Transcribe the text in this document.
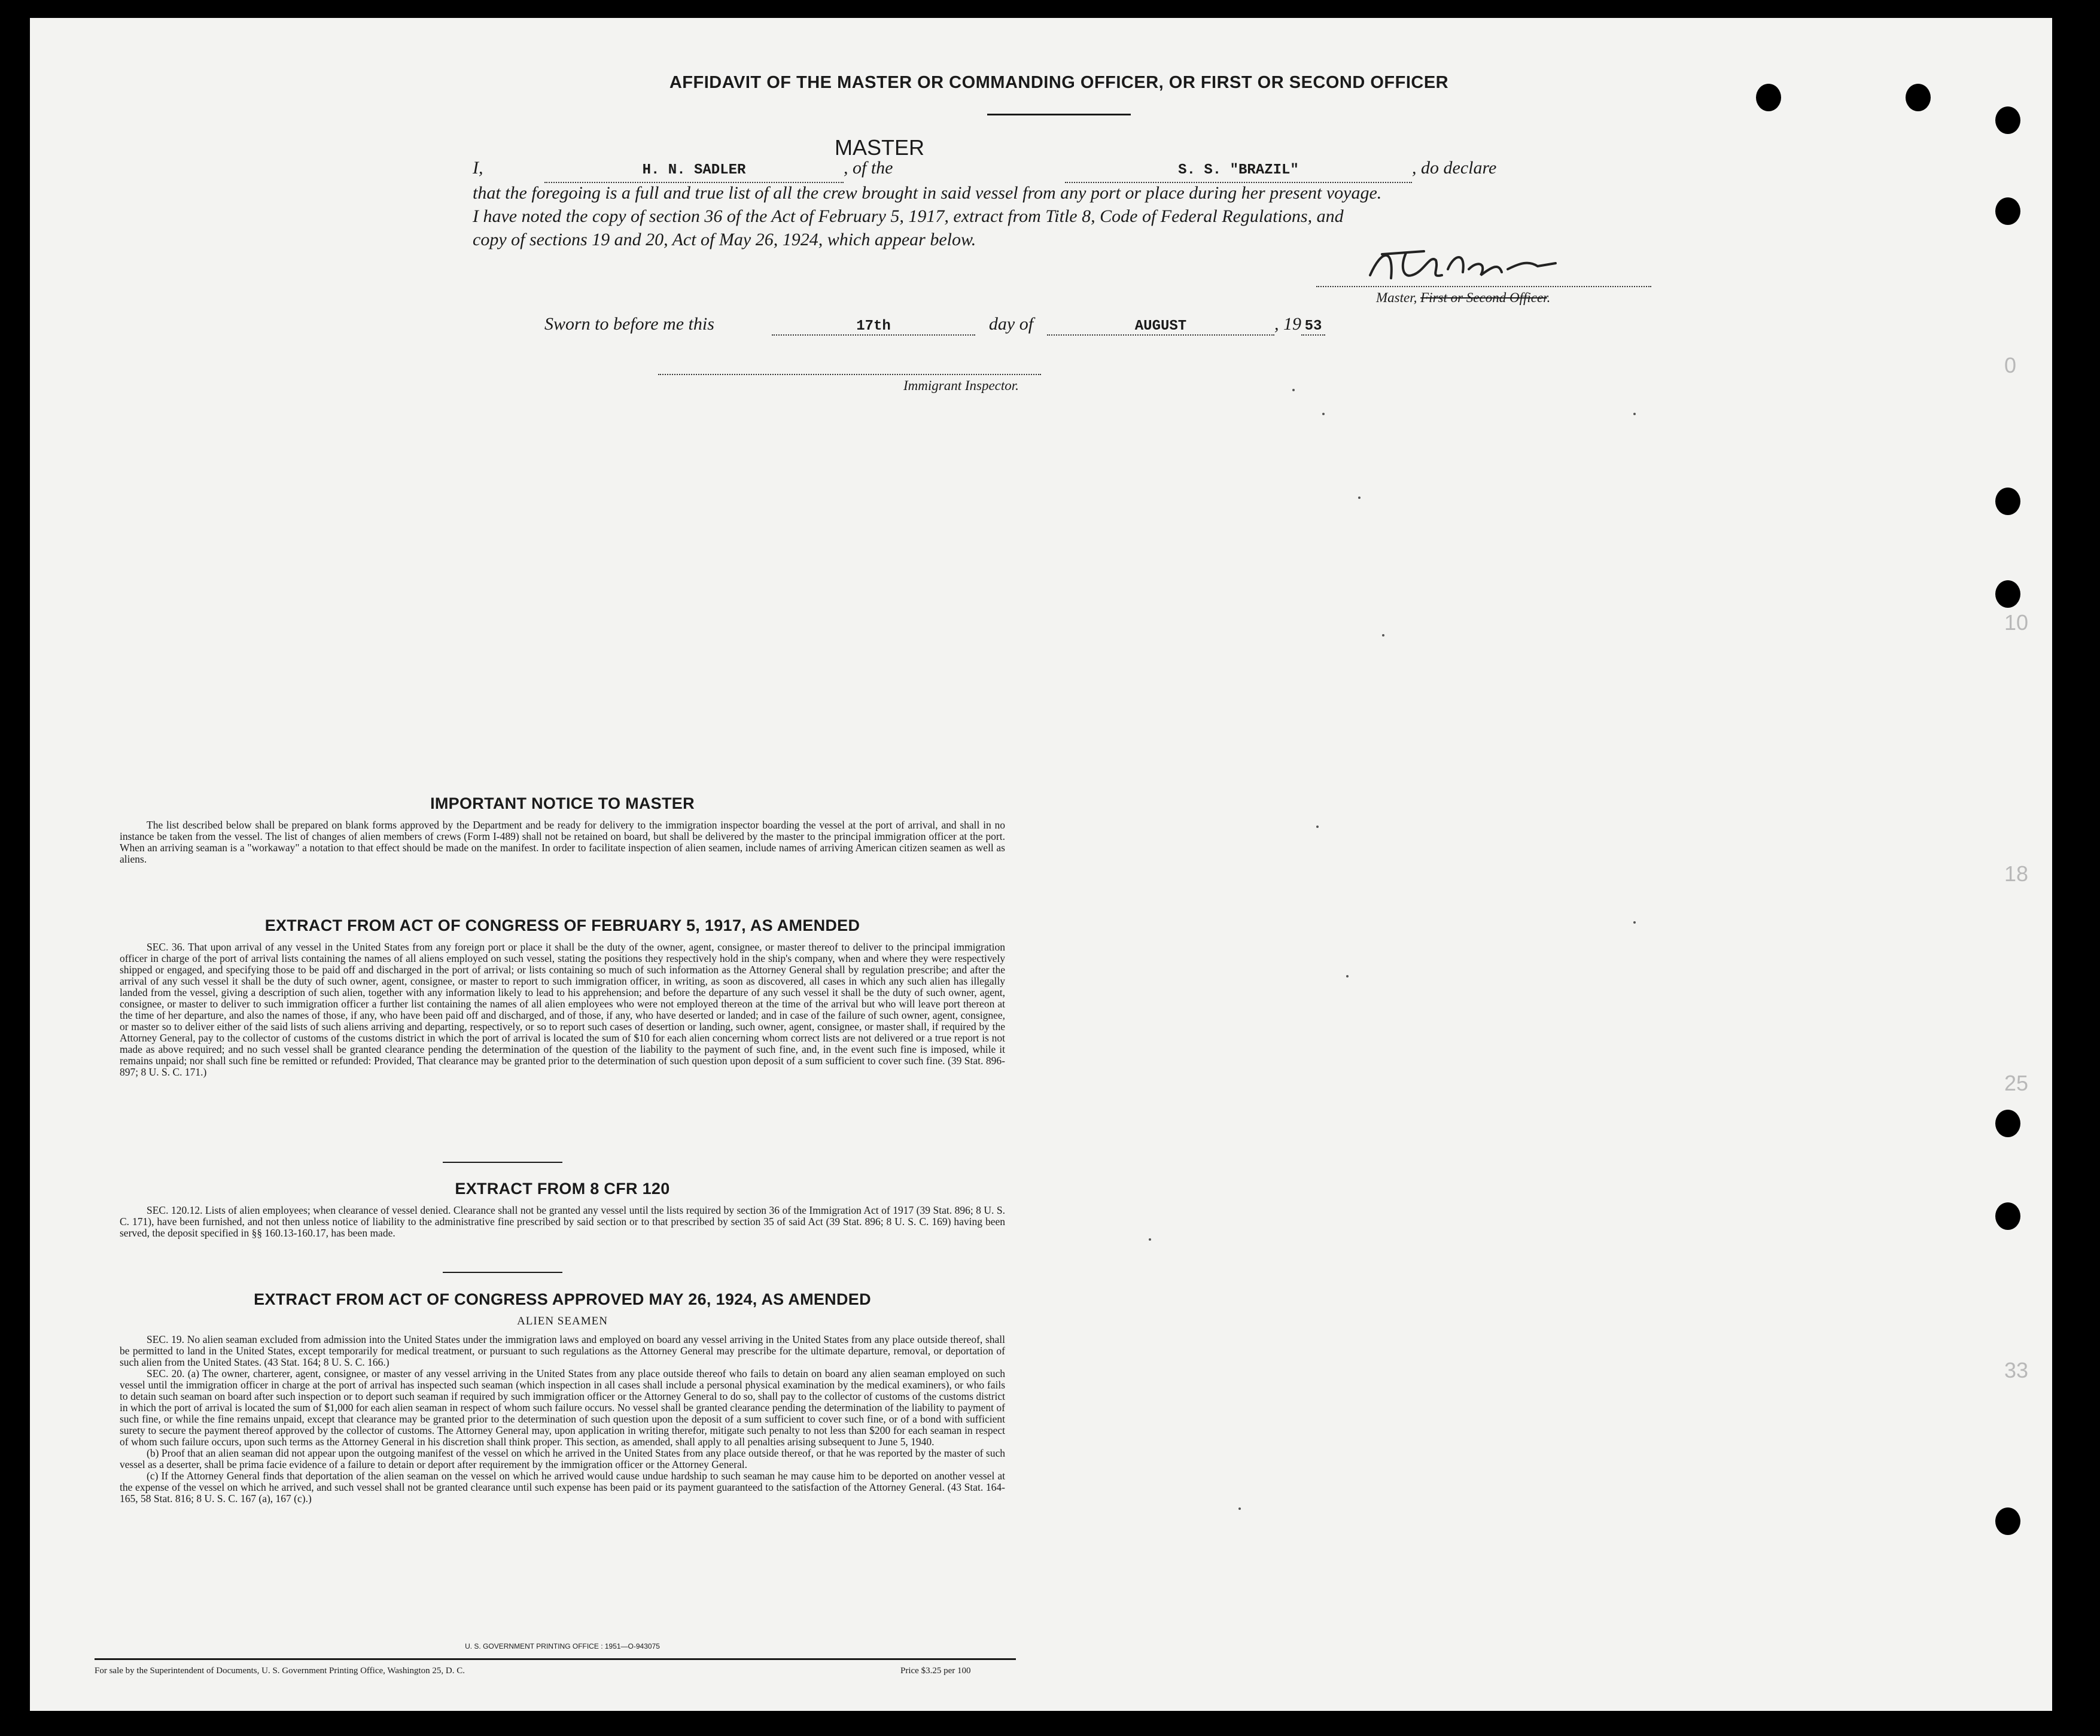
AFFIDAVIT OF THE MASTER OR COMMANDING OFFICER, OR FIRST OR SECOND OFFICER
MASTER
I,	H. N. SADLER	, of the	S. S. "BRAZIL"	, do declare
that the foregoing is a full and true list of all the crew brought in said vessel from any port or place during her present voyage.
I have noted the copy of section 36 of the Act of February 5, 1917, extract from Title 8, Code of Federal Regulations, and
copy of sections 19 and 20, Act of May 26, 1924, which appear below.
Master, First or Second Officer.
Sworn to before me this	17th	day of	AUGUST	, 19 53
Immigrant Inspector.
IMPORTANT NOTICE TO MASTER

The list described below shall be prepared on blank forms approved by the Department and be ready for delivery to the immigration inspector boarding the vessel at the port of arrival, and shall in no instance be taken from the vessel. The list of changes of alien members of crews (Form I-489) shall not be retained on board, but shall be delivered by the master to the principal immigration officer at the port. When an arriving seaman is a "workaway" a notation to that effect should be made on the manifest. In order to facilitate inspection of alien seamen, include names of arriving American citizen seamen as well as aliens.

EXTRACT FROM ACT OF CONGRESS OF FEBRUARY 5, 1917, AS AMENDED

SEC. 36. That upon arrival of any vessel in the United States from any foreign port or place it shall be the duty of the owner, agent, consignee, or master thereof to deliver to the principal immigration officer in charge of the port of arrival lists containing the names of all aliens employed on such vessel, stating the positions they respectively hold in the ship's company, when and where they were respectively shipped or engaged, and specifying those to be paid off and discharged in the port of arrival; or lists containing so much of such information as the Attorney General shall by regulation prescribe; and after the arrival of any such vessel it shall be the duty of such owner, agent, consignee, or master to report to such immigration officer, in writing, as soon as discovered, all cases in which any such alien has illegally landed from the vessel, giving a description of such alien, together with any information likely to lead to his apprehension; and before the departure of any such vessel it shall be the duty of such owner, agent, consignee, or master to deliver to such immigration officer a further list containing the names of all alien employees who were not employed thereon at the time of the arrival but who will leave port thereon at the time of her departure, and also the names of those, if any, who have been paid off and discharged, and of those, if any, who have deserted or landed; and in case of the failure of such owner, agent, consignee, or master so to deliver either of the said lists of such aliens arriving and departing, respectively, or so to report such cases of desertion or landing, such owner, agent, consignee, or master shall, if required by the Attorney General, pay to the collector of customs of the customs district in which the port of arrival is located the sum of $10 for each alien concerning whom correct lists are not delivered or a true report is not made as above required; and no such vessel shall be granted clearance pending the determination of the question of the liability to the payment of such fine, and, in the event such fine is imposed, while it remains unpaid; nor shall such fine be remitted or refunded: Provided, That clearance may be granted prior to the determination of such question upon deposit of a sum sufficient to cover such fine. (39 Stat. 896-897; 8 U. S. C. 171.)

EXTRACT FROM 8 CFR 120

SEC. 120.12. Lists of alien employees; when clearance of vessel denied. Clearance shall not be granted any vessel until the lists required by section 36 of the Immigration Act of 1917 (39 Stat. 896; 8 U. S. C. 171), have been furnished, and not then unless notice of liability to the administrative fine prescribed by said section or to that prescribed by section 35 of said Act (39 Stat. 896; 8 U. S. C. 169) having been served, the deposit specified in §§ 160.13-160.17, has been made.

EXTRACT FROM ACT OF CONGRESS APPROVED MAY 26, 1924, AS AMENDED
ALIEN SEAMEN

SEC. 19. No alien seaman excluded from admission into the United States under the immigration laws and employed on board any vessel arriving in the United States from any place outside thereof, shall be permitted to land in the United States, except temporarily for medical treatment, or pursuant to such regulations as the Attorney General may prescribe for the ultimate departure, removal, or deportation of such alien from the United States. (43 Stat. 164; 8 U. S. C. 166.)

SEC. 20. (a) The owner, charterer, agent, consignee, or master of any vessel arriving in the United States from any place outside thereof who fails to detain on board any alien seaman employed on such vessel until the immigration officer in charge at the port of arrival has inspected such seaman (which inspection in all cases shall include a personal physical examination by the medical examiners), or who fails to detain such seaman on board after such inspection or to deport such seaman if required by such immigration officer or the Attorney General to do so, shall pay to the collector of customs of the customs district in which the port of arrival is located the sum of $1,000 for each alien seaman in respect of whom such failure occurs. No vessel shall be granted clearance pending the determination of the liability to payment of such fine, or while the fine remains unpaid, except that clearance may be granted prior to the determination of such question upon the deposit of a sum sufficient to cover such fine, or of a bond with sufficient surety to secure the payment thereof approved by the collector of customs. The Attorney General may, upon application in writing therefor, mitigate such penalty to not less than $200 for each seaman in respect of whom such failure occurs, upon such terms as the Attorney General in his discretion shall think proper. This section, as amended, shall apply to all penalties arising subsequent to June 5, 1940.

(b) Proof that an alien seaman did not appear upon the outgoing manifest of the vessel on which he arrived in the United States from any place outside thereof, or that he was reported by the master of such vessel as a deserter, shall be prima facie evidence of a failure to detain or deport after requirement by the immigration officer or the Attorney General.

(c) If the Attorney General finds that deportation of the alien seaman on the vessel on which he arrived would cause undue hardship to such seaman he may cause him to be deported on another vessel at the expense of the vessel on which he arrived, and such vessel shall not be granted clearance until such expense has been paid or its payment guaranteed to the satisfaction of the Attorney General. (43 Stat. 164-165, 58 Stat. 816; 8 U. S. C. 167 (a), 167 (c).)

U. S. GOVERNMENT PRINTING OFFICE : 1951—O-943075
For sale by the Superintendent of Documents, U. S. Government Printing Office, Washington 25, D. C.	Price $3.25 per 100
0
10
18
25
33
